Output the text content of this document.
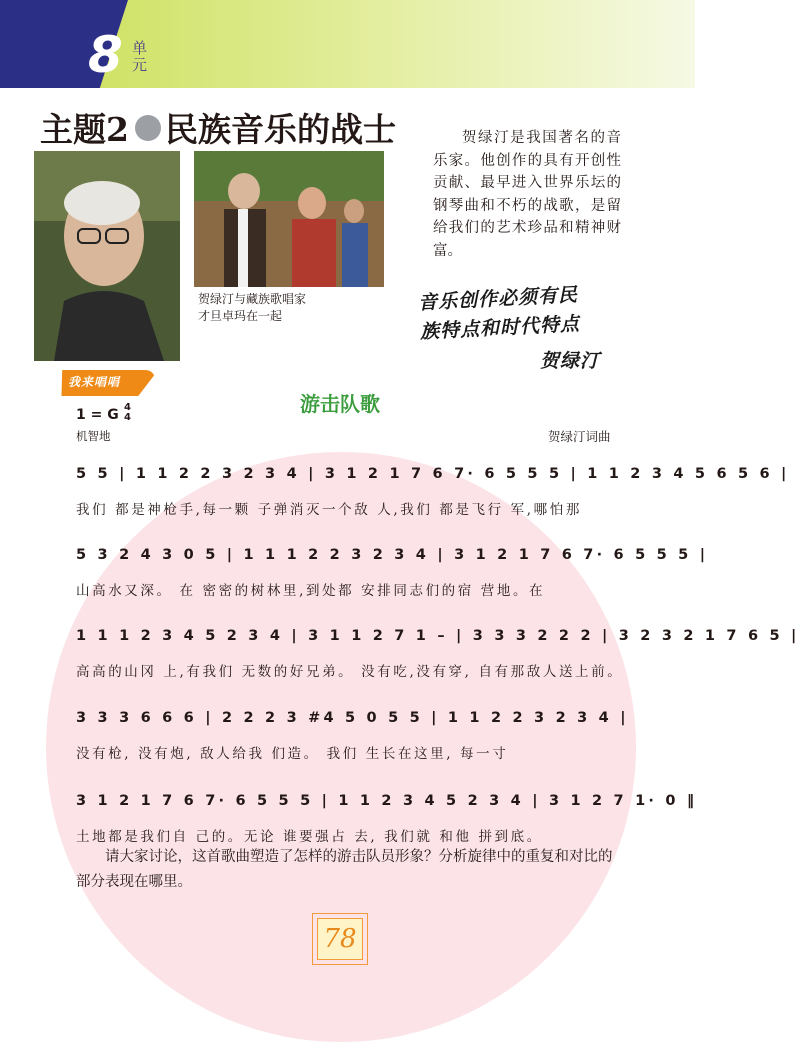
8 单元
主题2 民族音乐的战士
贺绿汀与藏族歌唱家
才旦卓玛在一起
贺绿汀是我国著名的音乐家。他创作的具有开创性贡献、最早进入世界乐坛的钢琴曲和不朽的战歌，是留给我们的艺术珍品和精神财富。
音乐创作必须有民
族特点和时代特点
贺绿汀
我来唱唱
游击队歌
1 = G 4
4
机智地	贺绿汀词曲
5 5 | 1 1 2 2 3 2 3 4 | 3 1 2 1 7 6 7· 6 5 5 5 | 1 1 2 3 4 5 6 5 6 |
我们 都是神枪手,每一颗 子弹消灭一个敌 人,我们 都是飞行 军,哪怕那
5 3 2 4 3 0 5 | 1 1 1 2 2 3 2 3 4 | 3 1 2 1 7 6 7· 6 5 5 5 |
山高水又深。 在 密密的树林里,到处都 安排同志们的宿 营地。在
1 1 1 2 3 4 5 2 3 4 | 3 1 1 2 7 1 – | 3 3 3 2 2 2 | 3 2 3 2 1 7 6 5 |
高高的山冈 上,有我们 无数的好兄弟。 没有吃,没有穿, 自有那敌人送上前。
3 3 3 6 6 6 | 2 2 2 3 #4 5 0 5 5 | 1 1 2 2 3 2 3 4 |
没有枪, 没有炮, 敌人给我 们造。 我们 生长在这里, 每一寸
3 1 2 1 7 6 7· 6 5 5 5 | 1 1 2 3 4 5 2 3 4 | 3 1 2 7 1· 0 ‖
土地都是我们自 己的。无论 谁要强占 去, 我们就 和他 拼到底。
请大家讨论，这首歌曲塑造了怎样的游击队员形象？分析旋律中的重复和对比的部分表现在哪里。
78
